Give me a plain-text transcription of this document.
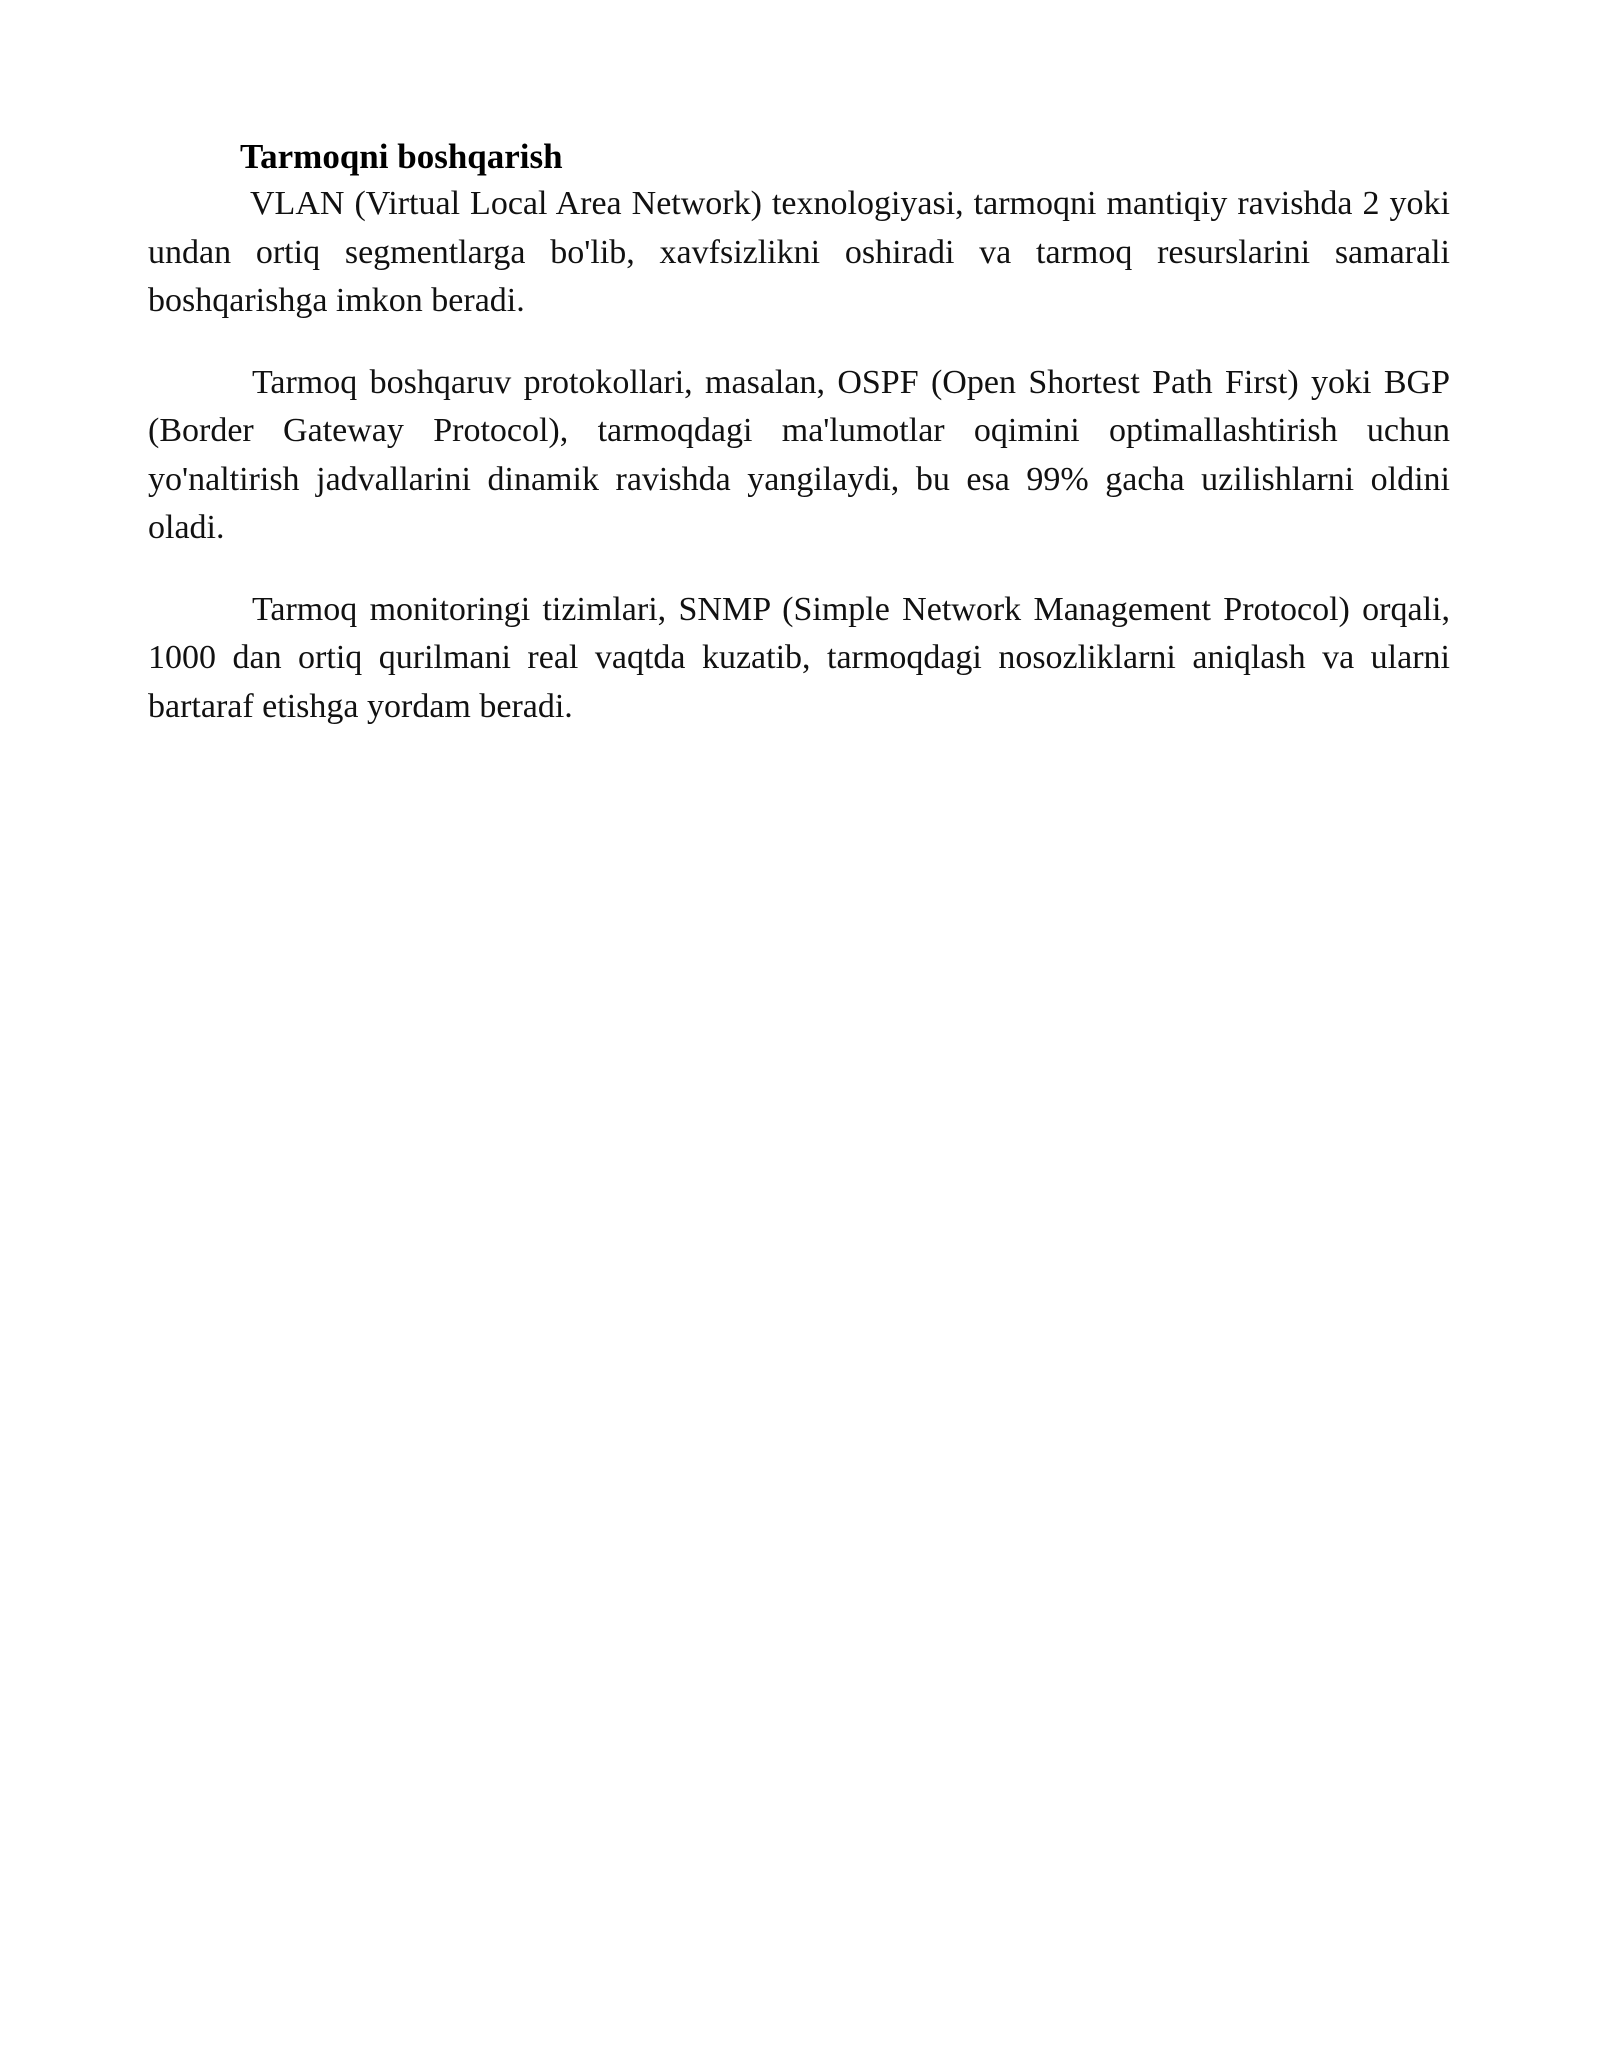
Tarmoqni boshqarish

VLAN (Virtual Local Area Network) texnologiyasi, tarmoqni mantiqiy ravishda 2 yoki undan ortiq segmentlarga bo'lib, xavfsizlikni oshiradi va tarmoq resurslarini samarali boshqarishga imkon beradi.

Tarmoq boshqaruv protokollari, masalan, OSPF (Open Shortest Path First) yoki BGP (Border Gateway Protocol), tarmoqdagi ma'lumotlar oqimini optimallashtirish uchun yo'naltirish jadvallarini dinamik ravishda yangilaydi, bu esa 99% gacha uzilishlarni oldini oladi.

Tarmoq monitoringi tizimlari, SNMP (Simple Network Management Protocol) orqali, 1000 dan ortiq qurilmani real vaqtda kuzatib, tarmoqdagi nosozliklarni aniqlash va ularni bartaraf etishga yordam beradi.
